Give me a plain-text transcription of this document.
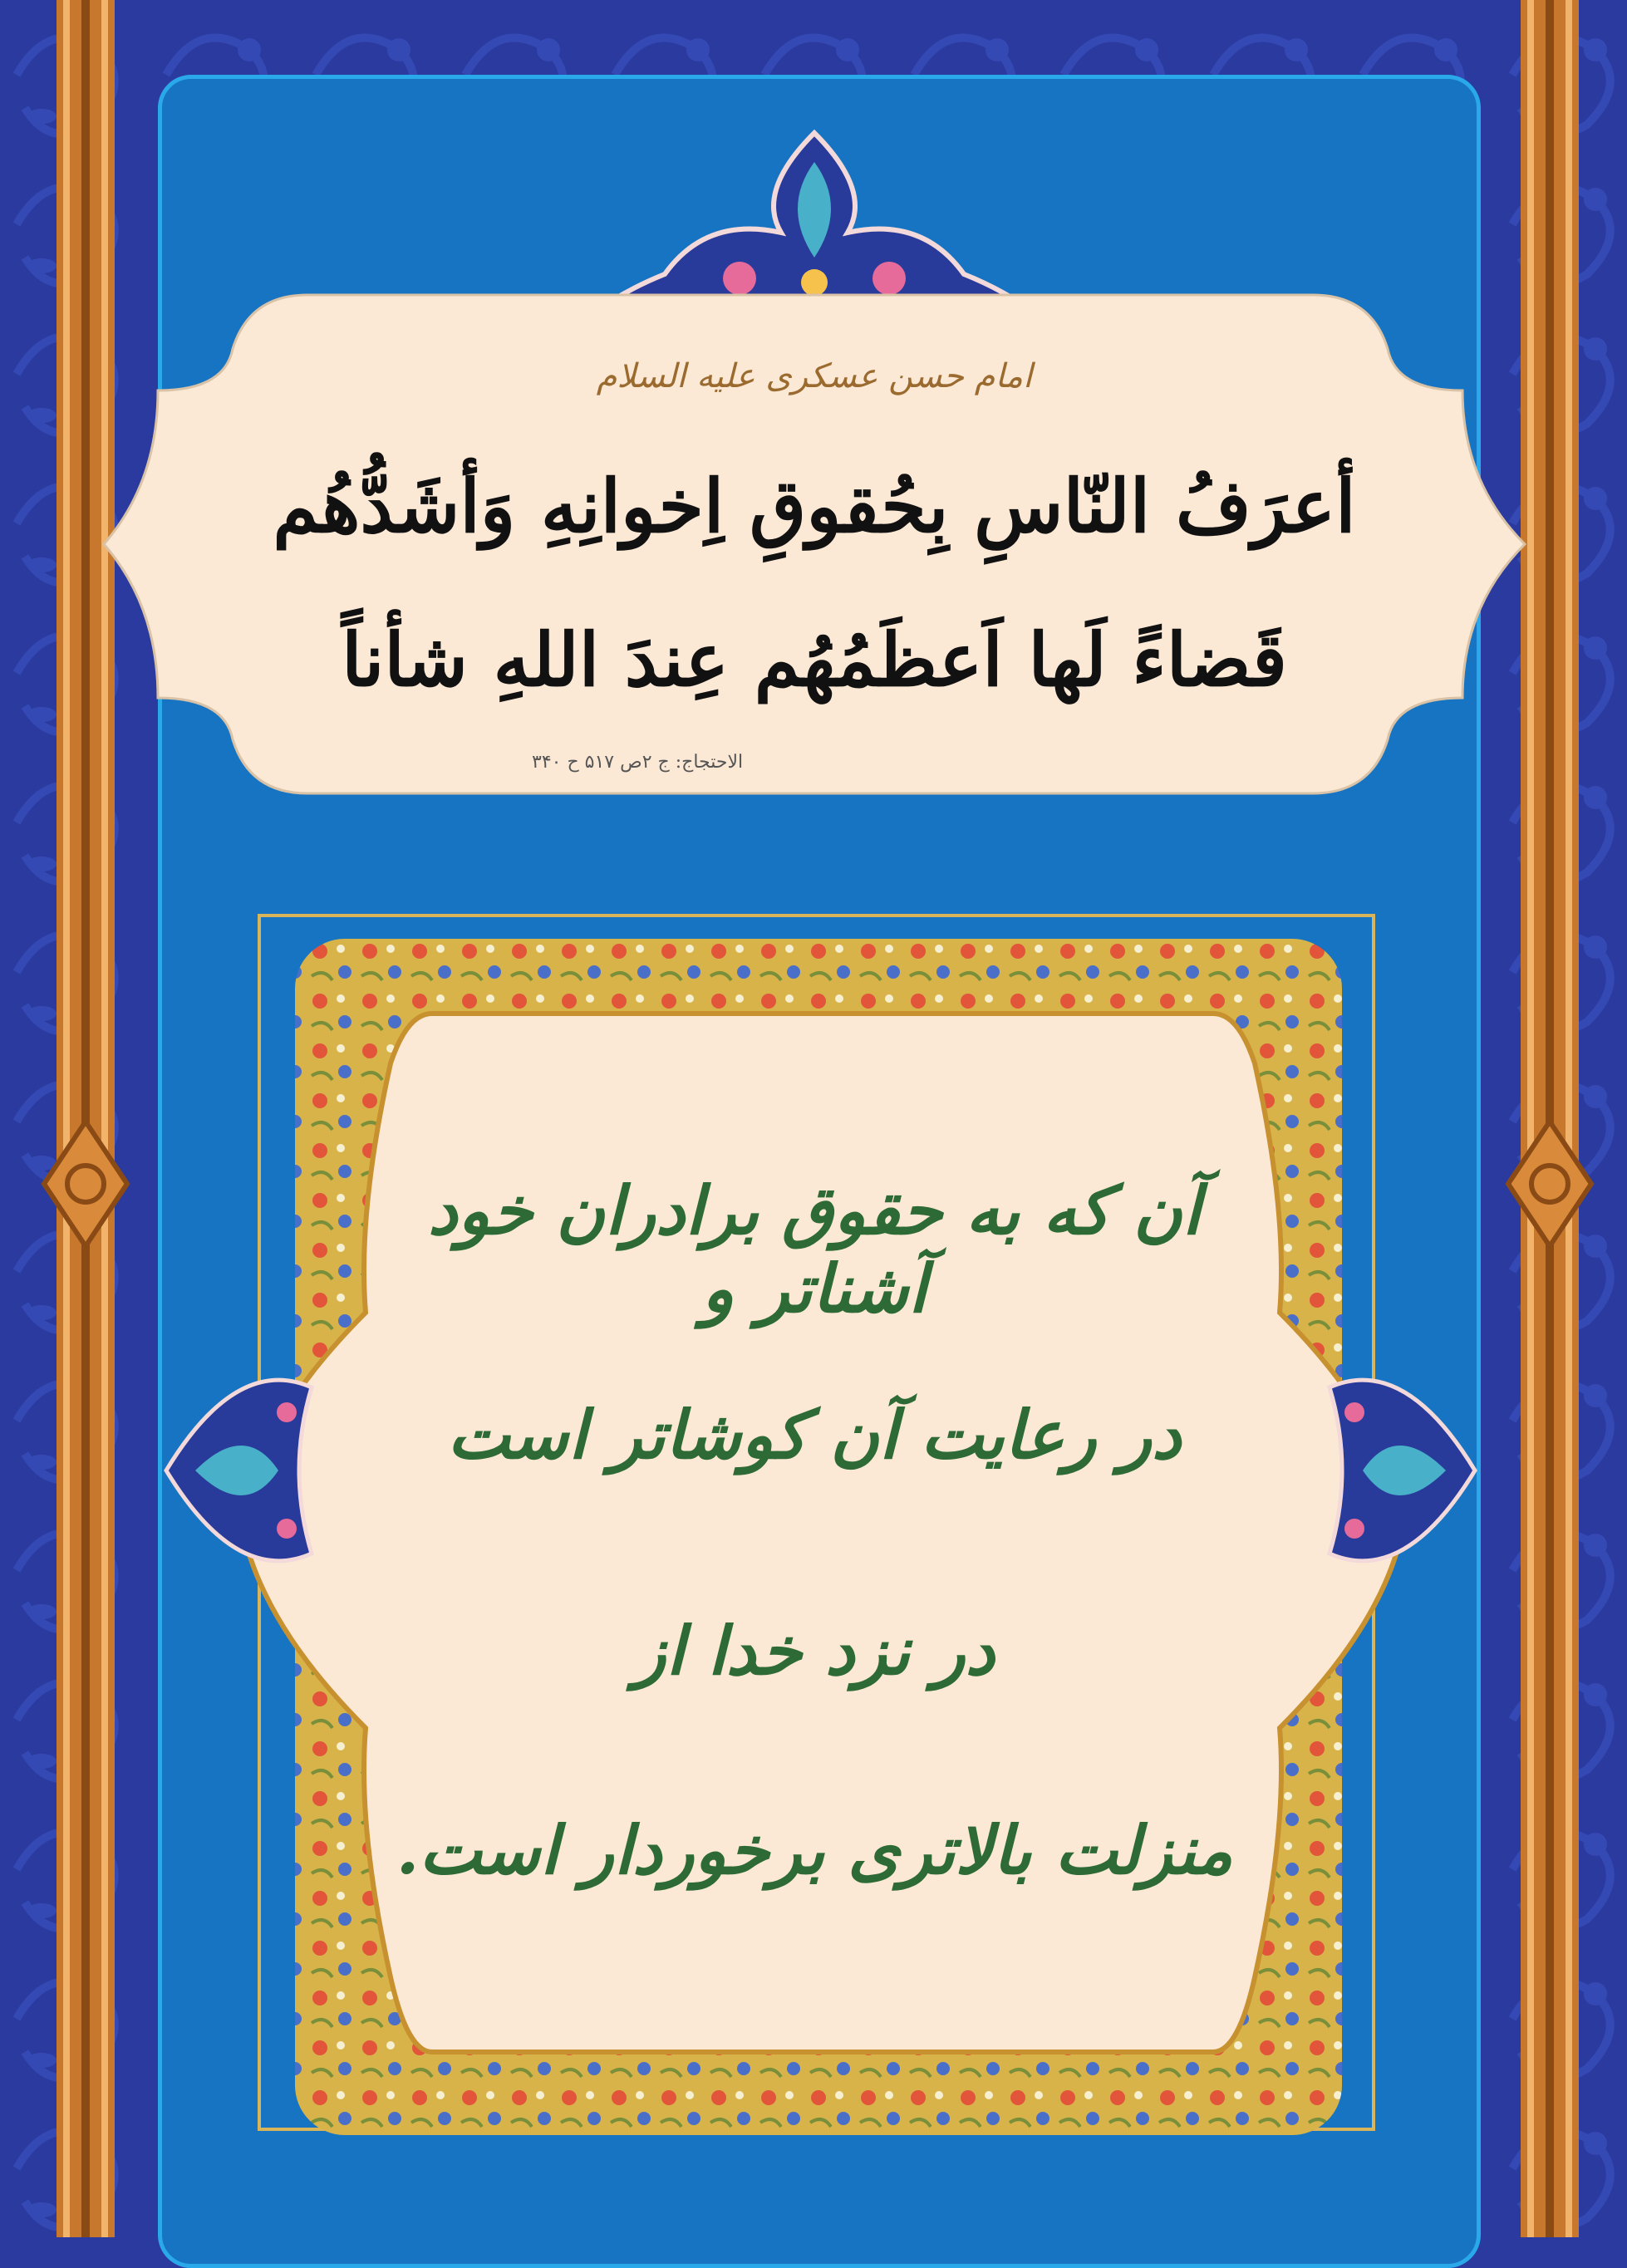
امام حسن عسکری علیه السلام
أعرَفُ النّاسِ بِحُقوقِ اِخوانِهِ وَأشَدُّهُم
قَضاءً لَها اَعظَمُهُم عِندَ اللهِ شأناً
الاحتجاج: ج ۲ص ۵۱۷ ح ۳۴۰
آن که به حقوق برادران خود آشناتر و
در رعایت آن کوشاتر است
در نزد خدا از
منزلت بالاتری برخوردار است.
